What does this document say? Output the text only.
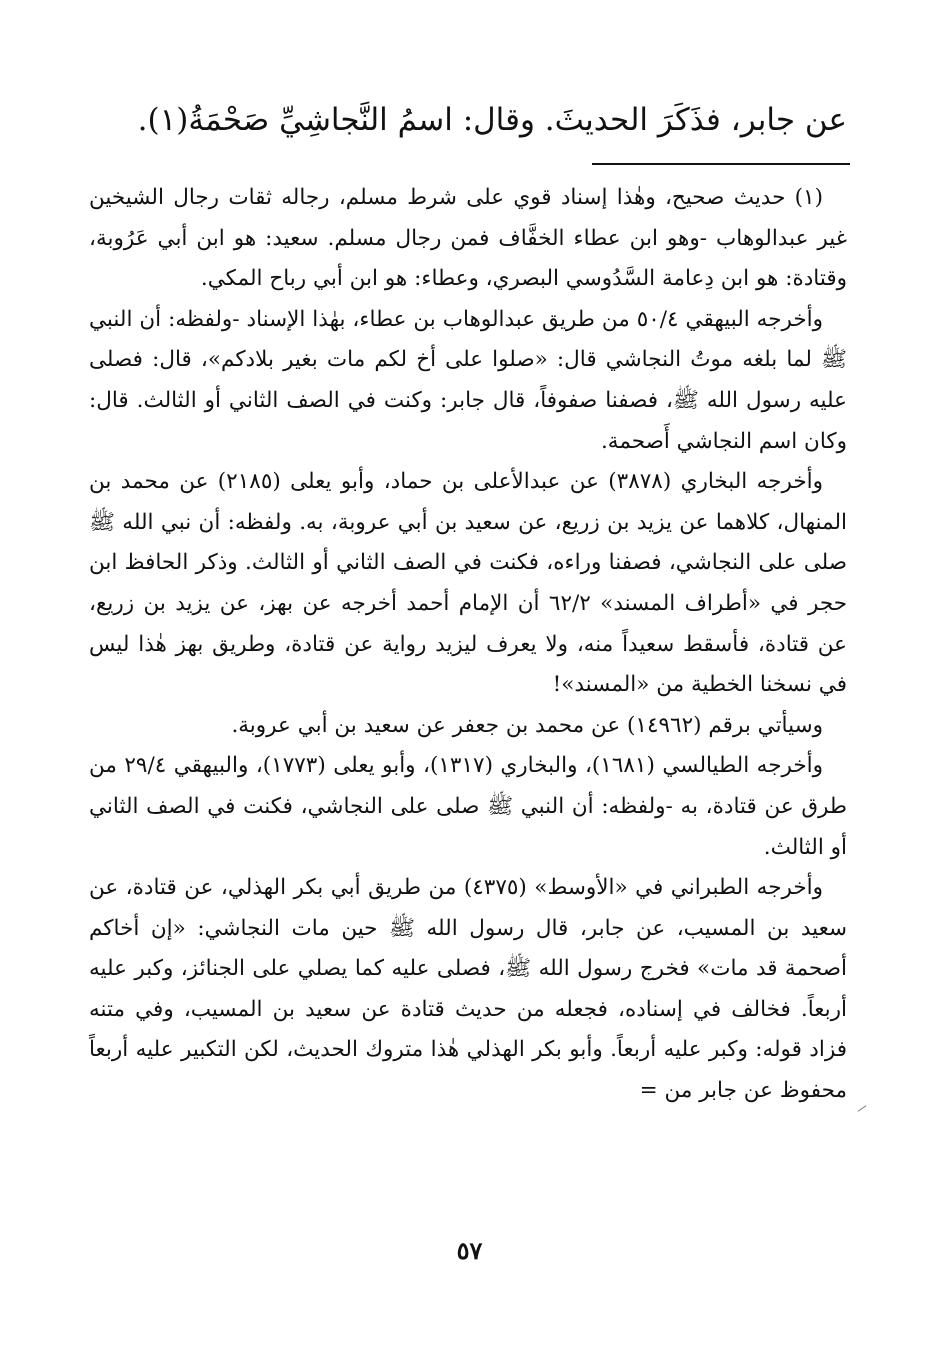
عن جابر، فذَكَرَ الحديثَ. وقال: اسمُ النَّجاشِيِّ صَحْمَةُ(١).

(١) حديث صحيح، وهٰذا إسناد قوي على شرط مسلم، رجاله ثقات رجال الشيخين غير عبدالوهاب -وهو ابن عطاء الخفَّاف فمن رجال مسلم. سعيد: هو ابن أبي عَرُوبة، وقتادة: هو ابن دِعامة السَّدُوسي البصري، وعطاء: هو ابن أبي رباح المكي.

وأخرجه البيهقي ٥٠/٤ من طريق عبدالوهاب بن عطاء، بهٰذا الإسناد -ولفظه: أن النبي ﷺ لما بلغه موتُ النجاشي قال: «صلوا على أخ لكم مات بغير بلادكم»، قال: فصلى عليه رسول الله ﷺ، فصفنا صفوفاً، قال جابر: وكنت في الصف الثاني أو الثالث. قال: وكان اسم النجاشي أَصحمة.

وأخرجه البخاري (٣٨٧٨) عن عبدالأعلى بن حماد، وأبو يعلى (٢١٨٥) عن محمد بن المنهال، كلاهما عن يزيد بن زريع، عن سعيد بن أبي عروبة، به. ولفظه: أن نبي الله ﷺ صلى على النجاشي، فصفنا وراءه، فكنت في الصف الثاني أو الثالث. وذكر الحافظ ابن حجر في «أطراف المسند» ٦٢/٢ أن الإمام أحمد أخرجه عن بهز، عن يزيد بن زريع، عن قتادة، فأسقط سعيداً منه، ولا يعرف ليزيد رواية عن قتادة، وطريق بهز هٰذا ليس في نسخنا الخطية من «المسند»!

وسيأتي برقم (١٤٩٦٢) عن محمد بن جعفر عن سعيد بن أبي عروبة.

وأخرجه الطيالسي (١٦٨١)، والبخاري (١٣١٧)، وأبو يعلى (١٧٧٣)، والبيهقي ٢٩/٤ من طرق عن قتادة، به -ولفظه: أن النبي ﷺ صلى على النجاشي، فكنت في الصف الثاني أو الثالث.

وأخرجه الطبراني في «الأوسط» (٤٣٧٥) من طريق أبي بكر الهذلي، عن قتادة، عن سعيد بن المسيب، عن جابر، قال رسول الله ﷺ حين مات النجاشي: «إن أخاكم أصحمة قد مات» فخرج رسول الله ﷺ، فصلى عليه كما يصلي على الجنائز، وكبر عليه أربعاً. فخالف في إسناده، فجعله من حديث قتادة عن سعيد بن المسيب، وفي متنه فزاد قوله: وكبر عليه أربعاً. وأبو بكر الهذلي هٰذا متروك الحديث، لكن التكبير عليه أربعاً محفوظ عن جابر من =

٥٧
